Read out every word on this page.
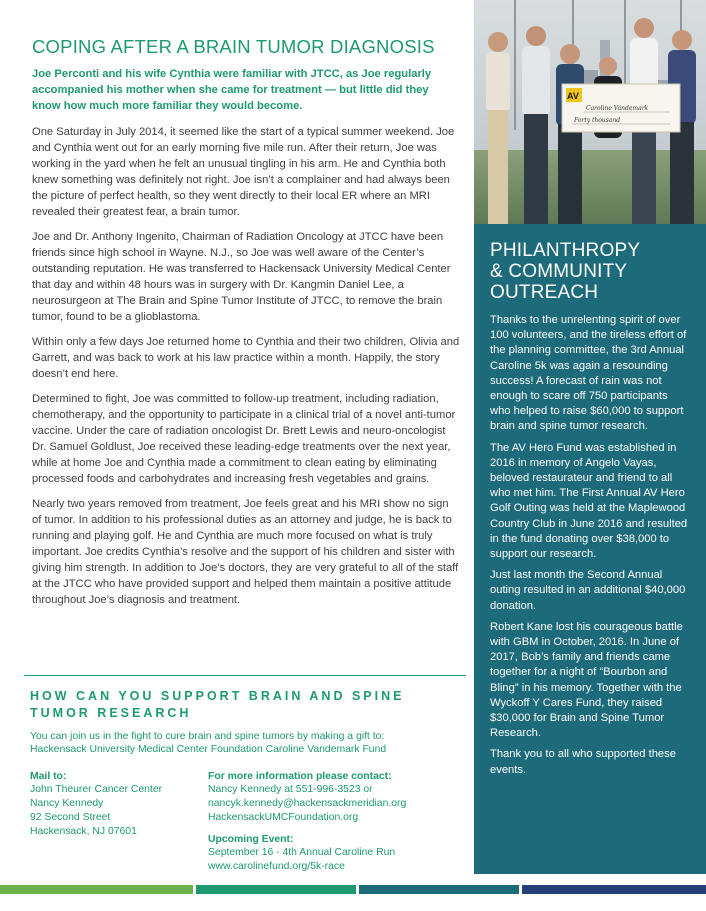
COPING AFTER A BRAIN TUMOR DIAGNOSIS

Joe Perconti and his wife Cynthia were familiar with JTCC, as Joe regularly accompanied his mother when she came for treatment — but little did they know how much more familiar they would become.

One Saturday in July 2014, it seemed like the start of a typical summer weekend. Joe and Cynthia went out for an early morning five mile run. After their return, Joe was working in the yard when he felt an unusual tingling in his arm. He and Cynthia both knew something was definitely not right. Joe isn’t a complainer and had always been the picture of perfect health, so they went directly to their local ER where an MRI revealed their greatest fear, a brain tumor.

Joe and Dr. Anthony Ingenito, Chairman of Radiation Oncology at JTCC have been friends since high school in Wayne. N.J., so Joe was well aware of the Center’s outstanding reputation. He was transferred to Hackensack University Medical Center that day and within 48 hours was in surgery with Dr. Kangmin Daniel Lee, a neurosurgeon at The Brain and Spine Tumor Institute of JTCC, to remove the brain tumor, found to be a glioblastoma.

Within only a few days Joe returned home to Cynthia and their two children, Olivia and Garrett, and was back to work at his law practice within a month. Happily, the story doesn’t end here.

Determined to fight, Joe was committed to follow-up treatment, including radiation, chemotherapy, and the opportunity to participate in a clinical trial of a novel anti-tumor vaccine. Under the care of radiation oncologist Dr. Brett Lewis and neuro-oncologist Dr. Samuel Goldlust, Joe received these leading-edge treatments over the next year, while at home Joe and Cynthia made a commitment to clean eating by eliminating processed foods and carbohydrates and increasing fresh vegetables and grains.

Nearly two years removed from treatment, Joe feels great and his MRI show no sign of tumor. In addition to his professional duties as an attorney and judge, he is back to running and playing golf. He and Cynthia are much more focused on what is truly important. Joe credits Cynthia’s resolve and the support of his children and sister with giving him strength. In addition to Joe’s doctors, they are very grateful to all of the staff at the JTCC who have provided support and helped them maintain a positive attitude throughout Joe’s diagnosis and treatment.

HOW CAN YOU SUPPORT BRAIN AND SPINE
TUMOR RESEARCH

You can join us in the fight to cure brain and spine tumors by making a gift to:

Hackensack University Medical Center Foundation Caroline Vandemark Fund

Mail to:

John Theurer Cancer Center

Nancy Kennedy

92 Second Street

Hackensack, NJ 07601

For more information please contact:

Nancy Kennedy at 551-996-3523 or

nancyk.kennedy@hackensackmeridian.org

HackensackUMCFoundation.org

Upcoming Event:

September 16 - 4th Annual Caroline Run

www.carolinefund.org/5k-race

AV
Caroline Vandemark
Forty thousand
PHILANTHROPY
& COMMUNITY
OUTREACH

Thanks to the unrelenting spirit of over 100 volunteers, and the tireless effort of the planning committee, the 3rd Annual Caroline 5k was again a resounding success! A forecast of rain was not enough to scare off 750 participants who helped to raise $60,000 to support brain and spine tumor research.

The AV Hero Fund was established in 2016 in memory of Angelo Vayas, beloved restaurateur and friend to all who met him. The First Annual AV Hero Golf Outing was held at the Maplewood Country Club in June 2016 and resulted in the fund donating over $38,000 to support our research.

Just last month the Second Annual outing resulted in an additional $40,000 donation.

Robert Kane lost his courageous battle with GBM in October, 2016. In June of 2017, Bob’s family and friends came together for a night of “Bourbon and Bling” in his memory. Together with the Wyckoff Y Cares Fund, they raised $30,000 for Brain and Spine Tumor Research.

Thank you to all who supported these events.
